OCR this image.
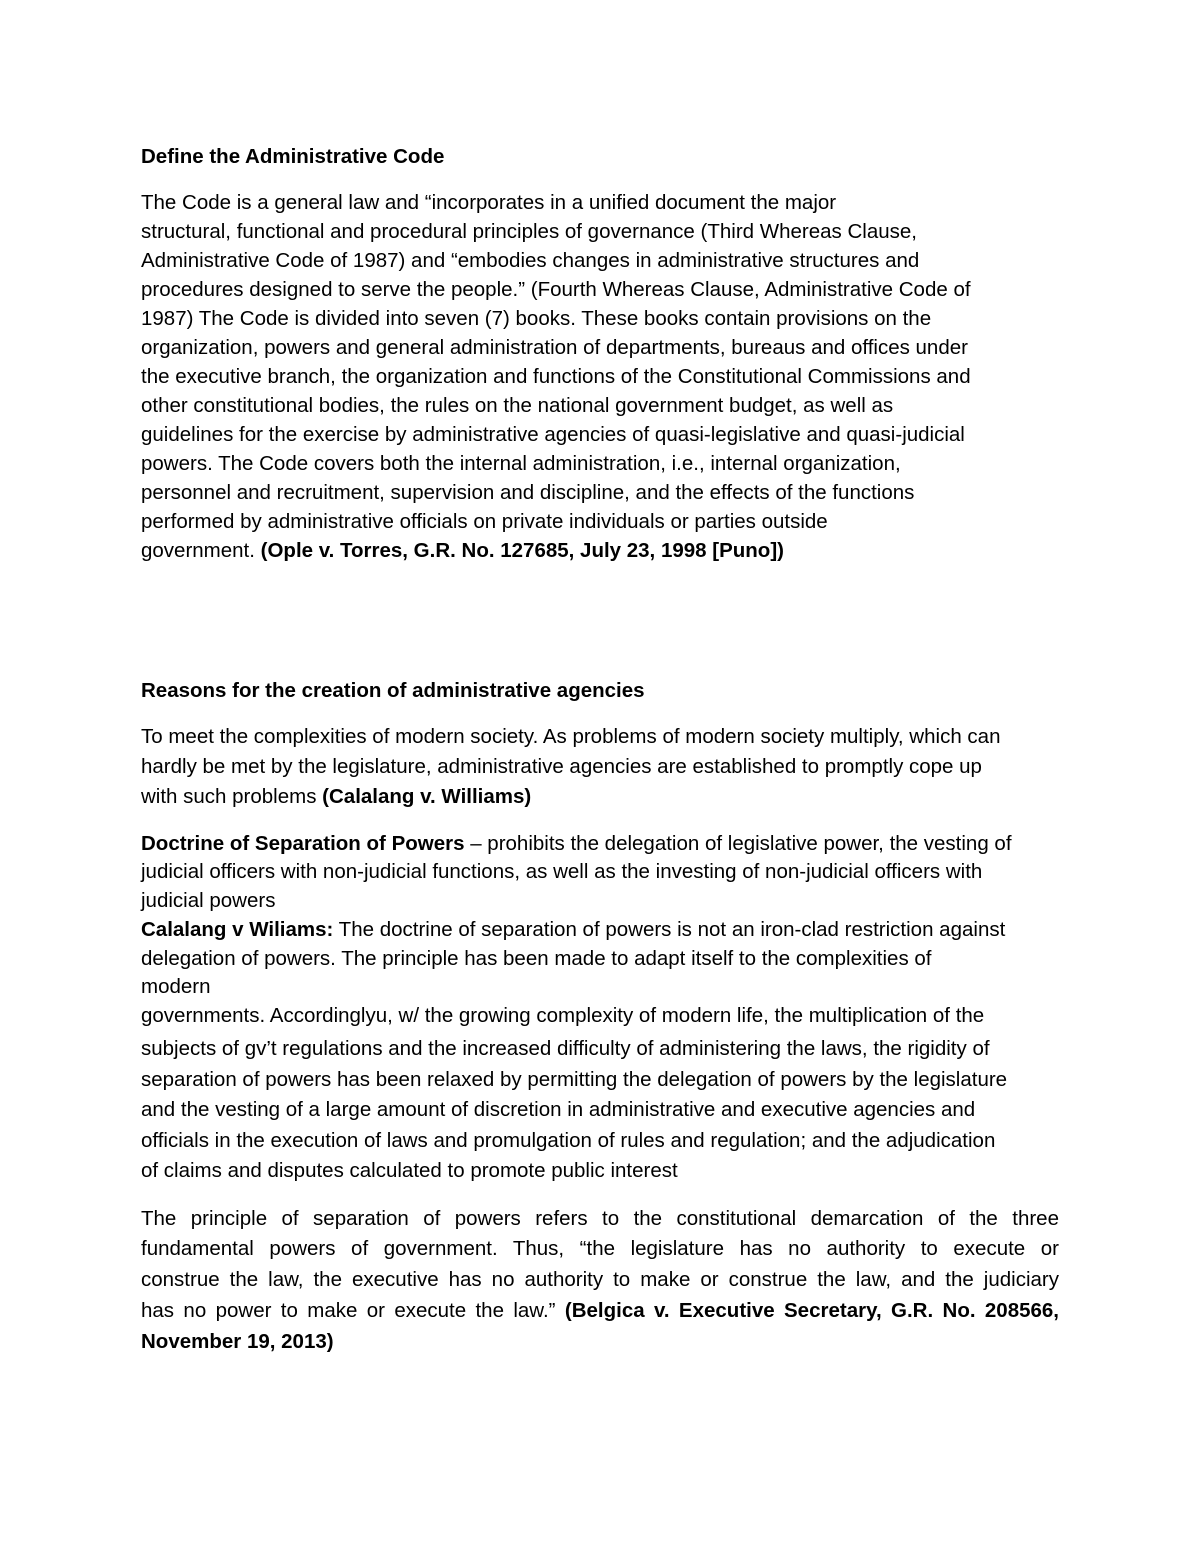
Define the Administrative Code

The Code is a general law and “incorporates in a unified document the major

structural, functional and procedural principles of governance (Third Whereas Clause,

Administrative Code of 1987) and “embodies changes in administrative structures and

procedures designed to serve the people.” (Fourth Whereas Clause, Administrative Code of

1987) The Code is divided into seven (7) books. These books contain provisions on the

organization, powers and general administration of departments, bureaus and offices under

the executive branch, the organization and functions of the Constitutional Commissions and

other constitutional bodies, the rules on the national government budget, as well as

guidelines for the exercise by administrative agencies of quasi-legislative and quasi-judicial

powers. The Code covers both the internal administration, i.e., internal organization,

personnel and recruitment, supervision and discipline, and the effects of the functions

performed by administrative officials on private individuals or parties outside

government. (Ople v. Torres, G.R. No. 127685, July 23, 1998 [Puno])

Reasons for the creation of administrative agencies

To meet the complexities of modern society. As problems of modern society multiply, which can

hardly be met by the legislature, administrative agencies are established to promptly cope up

with such problems (Calalang v. Williams)

Doctrine of Separation of Powers – prohibits the delegation of legislative power, the vesting of

judicial officers with non-judicial functions, as well as the investing of non-judicial officers with

judicial powers

Calalang v Wiliams: The doctrine of separation of powers is not an iron-clad restriction against

delegation of powers. The principle has been made to adapt itself to the complexities of

modern

governments. Accordinglyu, w/ the growing complexity of modern life, the multiplication of the

subjects of gv’t regulations and the increased difficulty of administering the laws, the rigidity of

separation of powers has been relaxed by permitting the delegation of powers by the legislature

and the vesting of a large amount of discretion in administrative and executive agencies and

officials in the execution of laws and promulgation of rules and regulation; and the adjudication

of claims and disputes calculated to promote public interest

The principle of separation of powers refers to the constitutional demarcation of the three

fundamental powers of government. Thus, “the legislature has no authority to execute or

construe the law, the executive has no authority to make or construe the law, and the judiciary

has no power to make or execute the law.” (Belgica v. Executive Secretary, G.R. No. 208566,

November 19, 2013)
